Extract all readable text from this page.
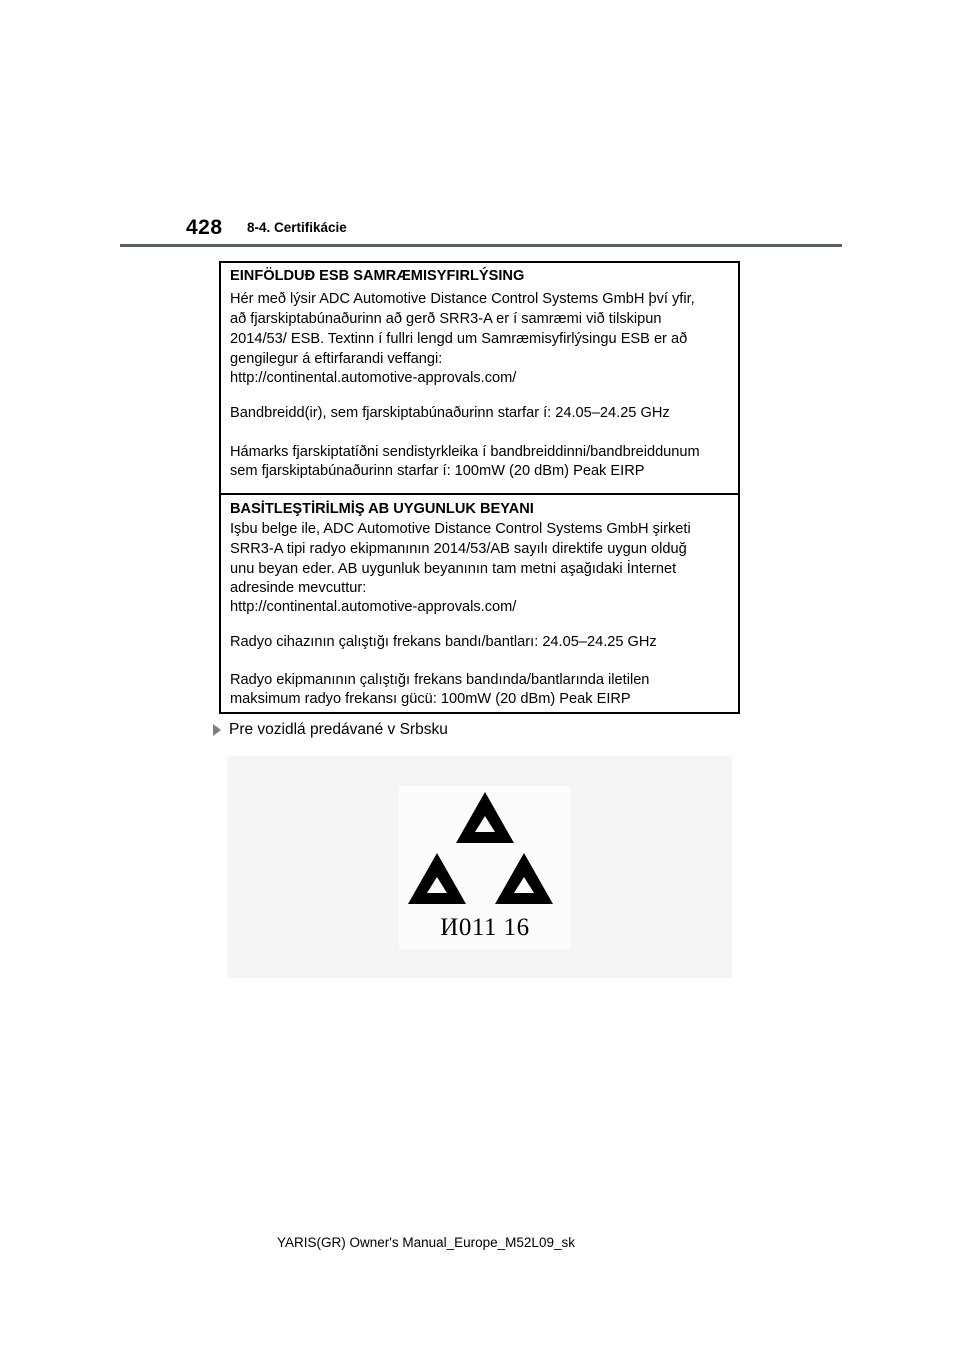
428 8-4. Certifikácie
EINFÖLDUÐ ESB SAMRÆMISYFIRLÝSING
Hér með lýsir ADC Automotive Distance Control Systems GmbH því yfir,
að fjarskiptabúnaðurinn að gerð SRR3-A er í samræmi við tilskipun
2014/53/ ESB. Textinn í fullri lengd um Samræmisyfirlýsingu ESB er að
gengilegur á eftirfarandi veffangi:
http://continental.automotive-approvals.com/
Bandbreidd(ir), sem fjarskiptabúnaðurinn starfar í: 24.05–24.25 GHz
Hámarks fjarskiptatíðni sendistyrkleika í bandbreiddinni/bandbreiddunum
sem fjarskiptabúnaðurinn starfar í: 100mW (20 dBm) Peak EIRP
BASİTLEŞTİRİLMİŞ AB UYGUNLUK BEYANI
Işbu belge ile, ADC Automotive Distance Control Systems GmbH şirketi
SRR3-A tipi radyo ekipmanının 2014/53/AB sayılı direktife uygun olduğ
unu beyan eder. AB uygunluk beyanının tam metni aşağıdaki İnternet
adresinde mevcuttur:
http://continental.automotive-approvals.com/
Radyo cihazının çalıştığı frekans bandı/bantları: 24.05–24.25 GHz
Radyo ekipmanının çalıştığı frekans bandında/bantlarında iletilen
maksimum radyo frekansı gücü: 100mW (20 dBm) Peak EIRP
Pre vozidlá predávané v Srbsku
И011 16
YARIS(GR) Owner's Manual_Europe_M52L09_sk
